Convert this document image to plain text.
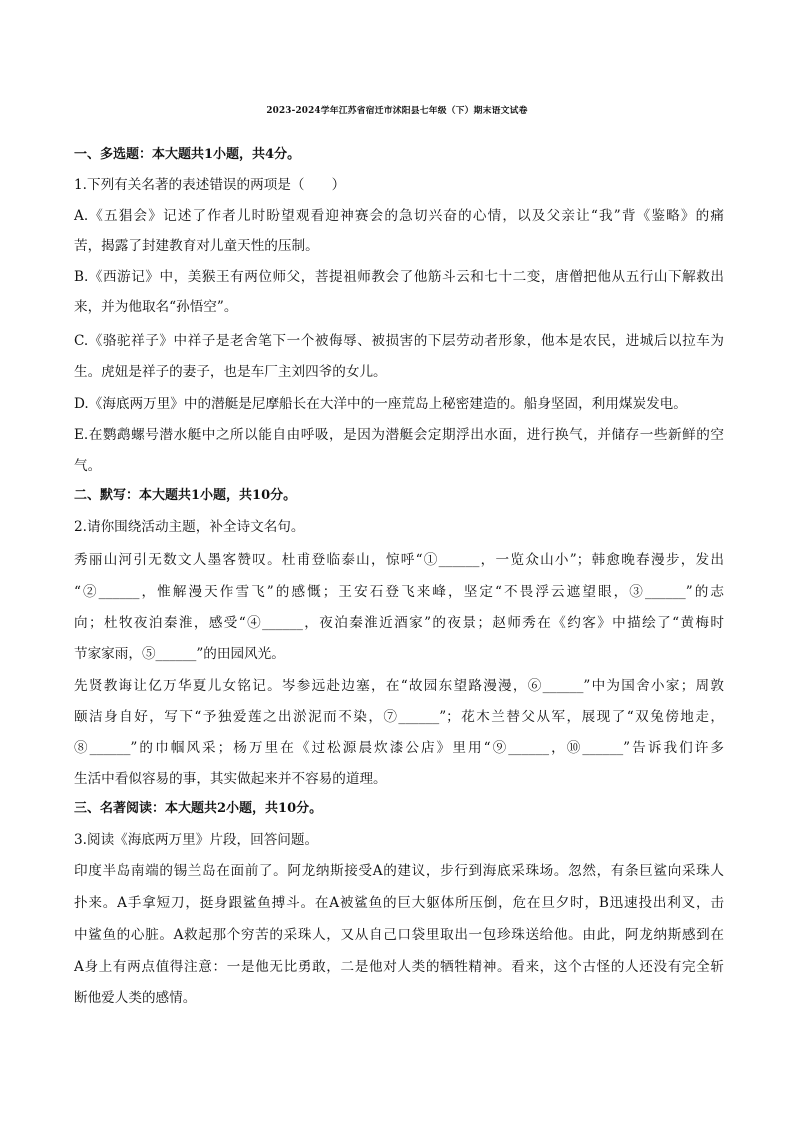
2023-2024学年江苏省宿迁市沭阳县七年级（下）期末语文试卷
一、多选题：本大题共1小题，共4分。
1.下列有关名著的表述错误的两项是（　　）
A.《五猖会》记述了作者儿时盼望观看迎神赛会的急切兴奋的心情，以及父亲让“我”背《鉴略》的痛
苦，揭露了封建教育对儿童天性的压制。
B.《西游记》中，美猴王有两位师父，菩提祖师教会了他筋斗云和七十二变，唐僧把他从五行山下解救出
来，并为他取名“孙悟空”。
C.《骆驼祥子》中祥子是老舍笔下一个被侮辱、被损害的下层劳动者形象，他本是农民，进城后以拉车为
生。虎妞是祥子的妻子，也是车厂主刘四爷的女儿。
D.《海底两万里》中的潜艇是尼摩船长在大洋中的一座荒岛上秘密建造的。船身坚固，利用煤炭发电。
E.在鹦鹉螺号潜水艇中之所以能自由呼吸，是因为潜艇会定期浮出水面，进行换气，并储存一些新鲜的空
气。
二、默写：本大题共1小题，共10分。
2.请你围绕活动主题，补全诗文名句。
秀丽山河引无数文人墨客赞叹。杜甫登临泰山，惊呼“①______，一览众山小”；韩愈晚春漫步，发出
“②______，惟解漫天作雪飞”的感慨；王安石登飞来峰，坚定“不畏浮云遮望眼，③______”的志
向；杜牧夜泊秦淮，感受“④______，夜泊秦淮近酒家”的夜景；赵师秀在《约客》中描绘了“黄梅时
节家家雨，⑤______”的田园风光。
先贤教诲让亿万华夏儿女铭记。岑参远赴边塞，在“故园东望路漫漫，⑥______”中为国舍小家；周敦
颐洁身自好，写下“予独爱莲之出淤泥而不染，⑦______”；花木兰替父从军，展现了“双兔傍地走，
⑧______”的巾帼风采；杨万里在《过松源晨炊漆公店》里用“⑨______，⑩______”告诉我们许多
生活中看似容易的事，其实做起来并不容易的道理。
三、名著阅读：本大题共2小题，共10分。
3.阅读《海底两万里》片段，回答问题。
印度半岛南端的锡兰岛在面前了。阿龙纳斯接受A的建议，步行到海底采珠场。忽然，有条巨鲨向采珠人
扑来。A手拿短刀，挺身跟鲨鱼搏斗。在A被鲨鱼的巨大躯体所压倒，危在旦夕时，B迅速投出利叉，击
中鲨鱼的心脏。A救起那个穷苦的采珠人，又从自己口袋里取出一包珍珠送给他。由此，阿龙纳斯感到在
A身上有两点值得注意：一是他无比勇敢，二是他对人类的牺牲精神。看来，这个古怪的人还没有完全斩
断他爱人类的感情。
